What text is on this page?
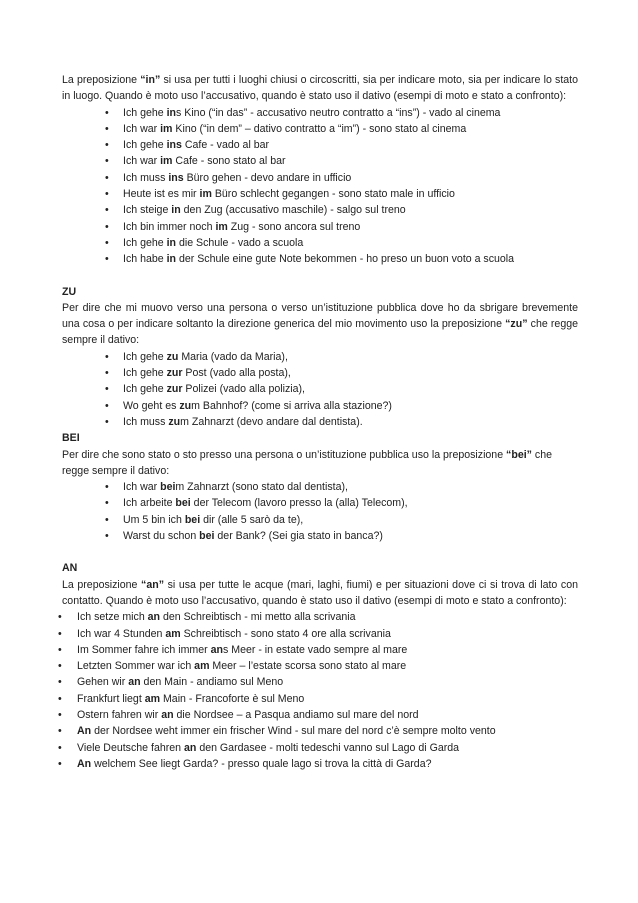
La preposizione “in” si usa per tutti i luoghi chiusi o circoscritti, sia per indicare moto, sia per indicare lo stato in luogo. Quando è moto uso l’accusativo, quando è stato uso il dativo (esempi di moto e stato a confronto):

• Ich gehe ins Kino (“in das” - accusativo neutro contratto a “ins”) - vado al cinema
• Ich war im Kino (“in dem” – dativo contratto a “im”) - sono stato al cinema
• Ich gehe ins Cafe - vado al bar
• Ich war im Cafe - sono stato al bar
• Ich muss ins Büro gehen - devo andare in ufficio
• Heute ist es mir im Büro schlecht gegangen - sono stato male in ufficio
• Ich steige in den Zug (accusativo maschile) - salgo sul treno
• Ich bin immer noch im Zug - sono ancora sul treno
• Ich gehe in die Schule - vado a scuola
• Ich habe in der Schule eine gute Note bekommen - ho preso un buon voto a scuola

ZU

Per dire che mi muovo verso una persona o verso un’istituzione pubblica dove ho da sbrigare brevemente una cosa o per indicare soltanto la direzione generica del mio movimento uso la preposizione “zu” che regge sempre il dativo:

• Ich gehe zu Maria (vado da Maria),
• Ich gehe zur Post (vado alla posta),
• Ich gehe zur Polizei (vado alla polizia),
• Wo geht es zum Bahnhof? (come si arriva alla stazione?)
• Ich muss zum Zahnarzt (devo andare dal dentista).

BEI

Per dire che sono stato o sto presso una persona o un’istituzione pubblica uso la preposizione “bei” che regge sempre il dativo:

• Ich war beim Zahnarzt (sono stato dal dentista),
• Ich arbeite bei der Telecom (lavoro presso la (alla) Telecom),
• Um 5 bin ich bei dir (alle 5 sarò da te),
• Warst du schon bei der Bank? (Sei gia stato in banca?)

AN

La preposizione “an” si usa per tutte le acque (mari, laghi, fiumi) e per situazioni dove ci si trova di lato con contatto. Quando è moto uso l’accusativo, quando è stato uso il dativo (esempi di moto e stato a confronto):

• Ich setze mich an den Schreibtisch - mi metto alla scrivania
• Ich war 4 Stunden am Schreibtisch - sono stato 4 ore alla scrivania
• Im Sommer fahre ich immer ans Meer - in estate vado sempre al mare
• Letzten Sommer war ich am Meer – l’estate scorsa sono stato al mare
• Gehen wir an den Main - andiamo sul Meno
• Frankfurt liegt am Main - Francoforte è sul Meno
• Ostern fahren wir an die Nordsee – a Pasqua andiamo sul mare del nord
• An der Nordsee weht immer ein frischer Wind - sul mare del nord c’è sempre molto vento
• Viele Deutsche fahren an den Gardasee - molti tedeschi vanno sul Lago di Garda
• An welchem See liegt Garda? - presso quale lago si trova la città di Garda?
